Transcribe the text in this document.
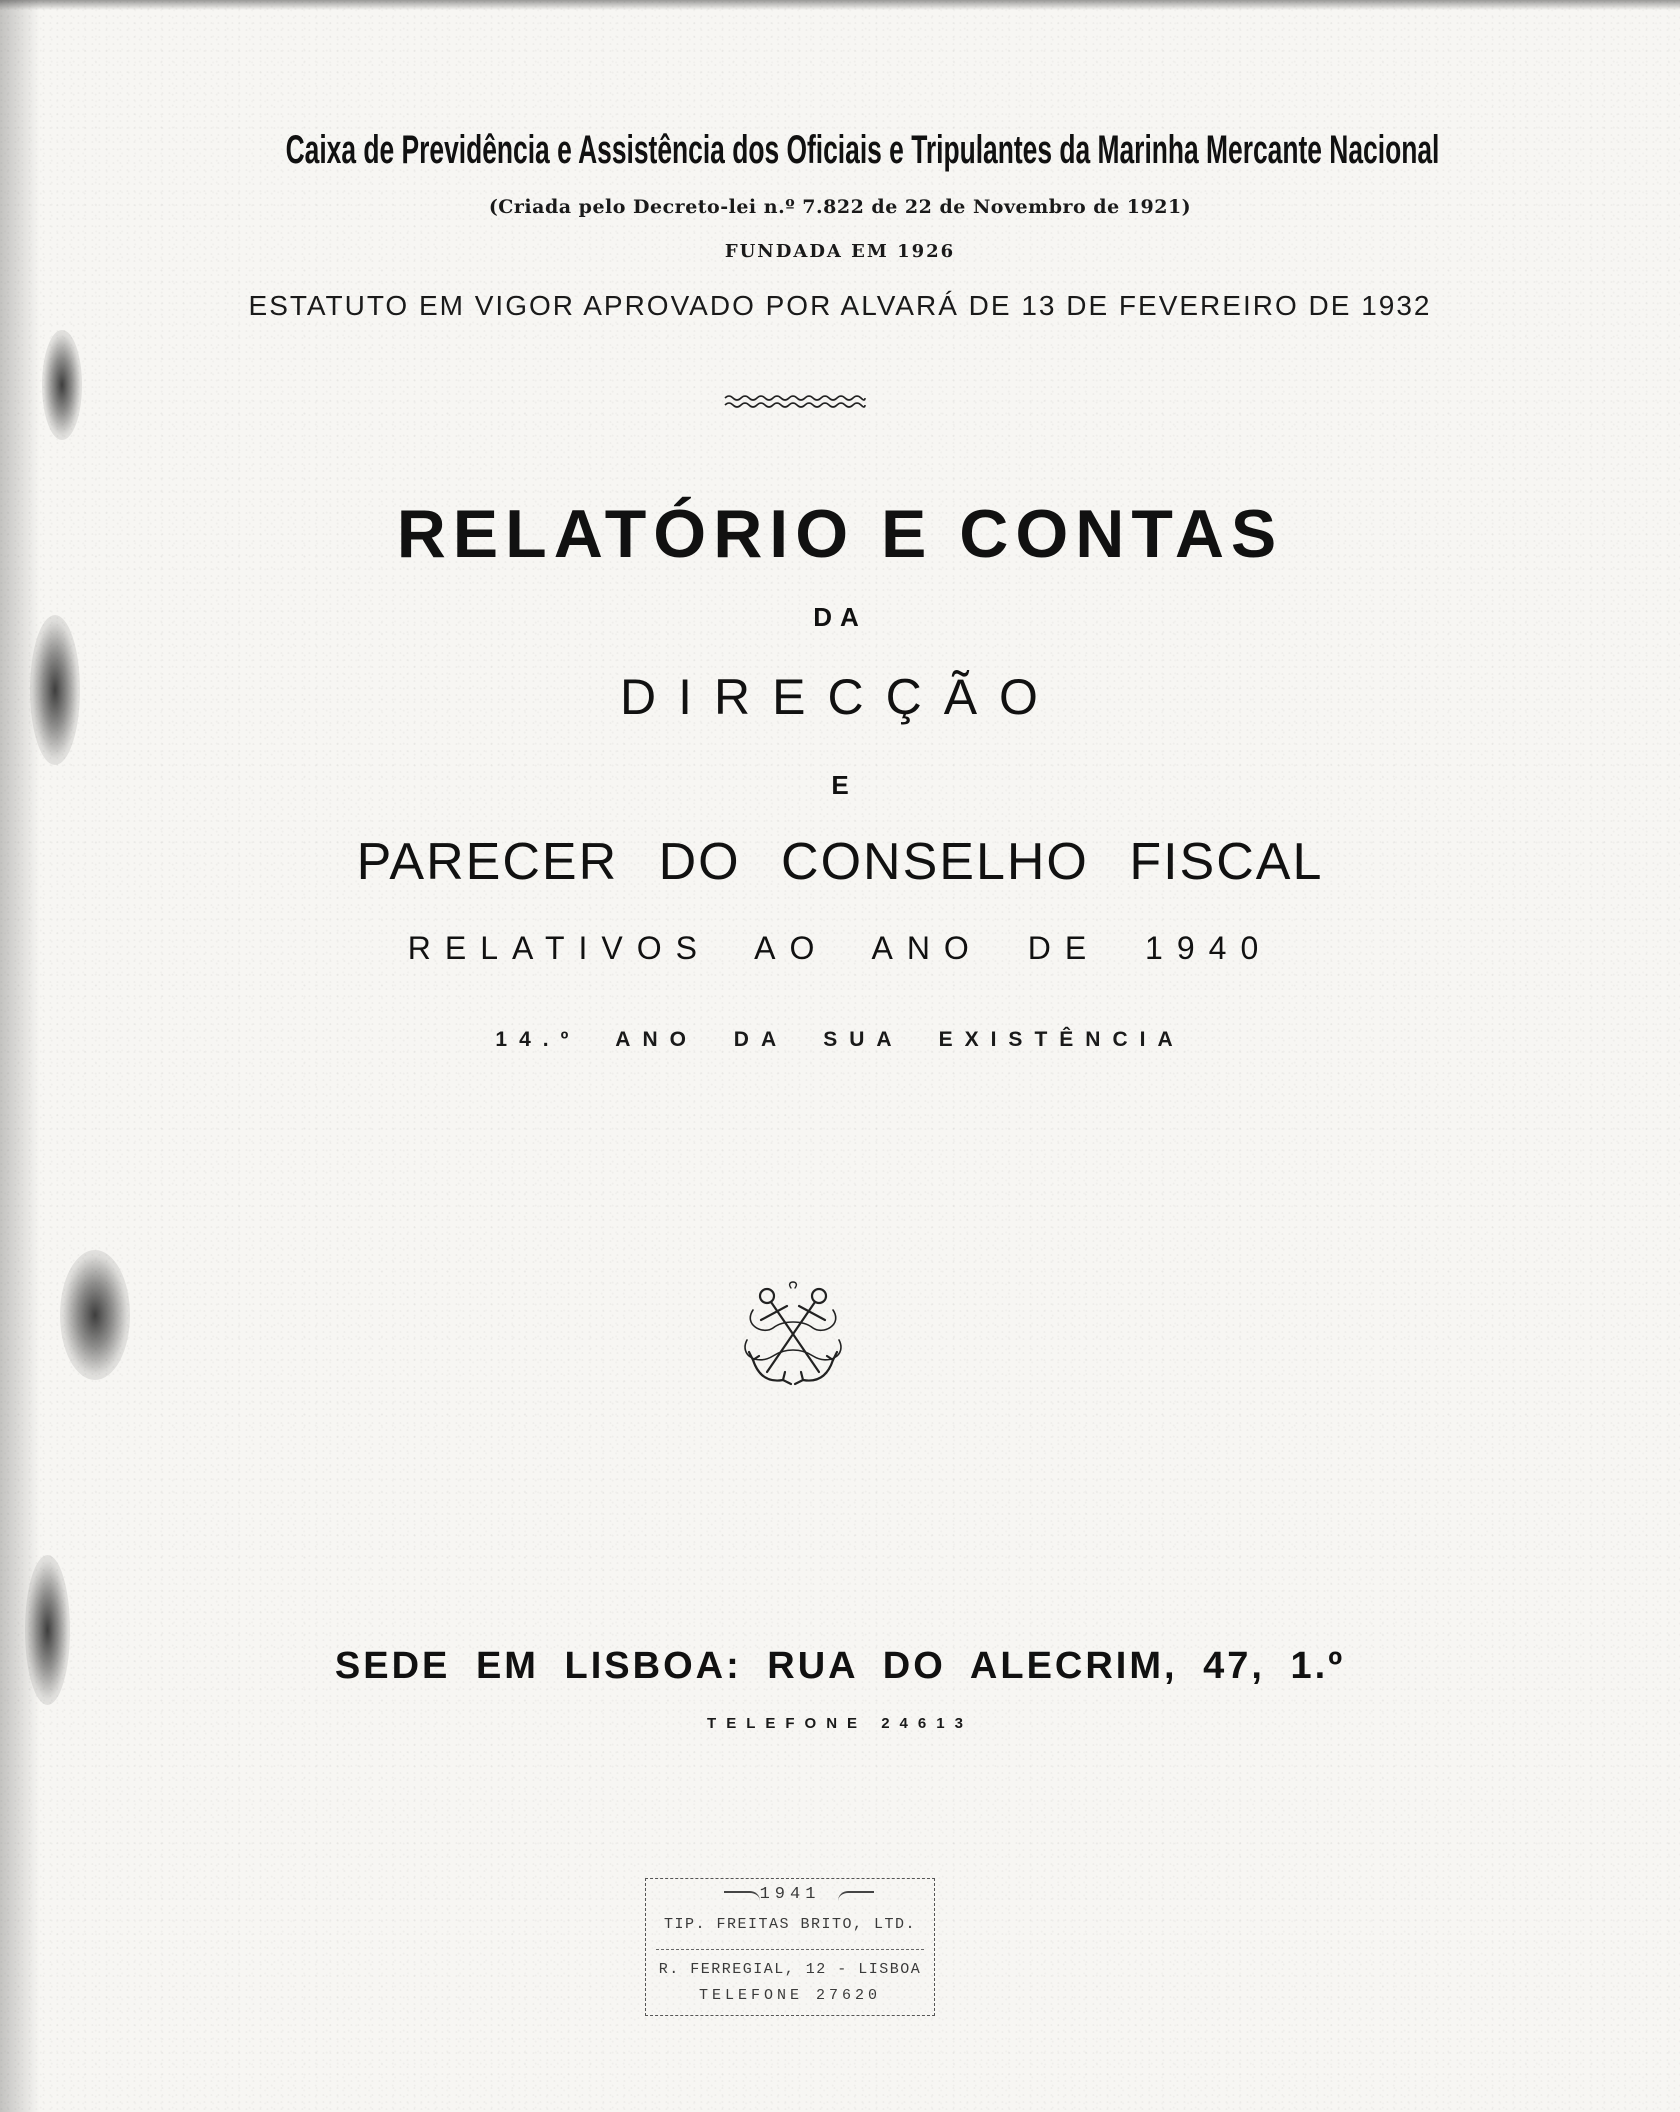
Caixa de Previdência e Assistência dos Oficiais e Tripulantes da Marinha Mercante Nacional
(Criada pelo Decreto-lei n.º 7.822 de 22 de Novembro de 1921)
FUNDADA EM 1926
ESTATUTO EM VIGOR APROVADO POR ALVARÁ DE 13 DE FEVEREIRO DE 1932
RELATÓRIO E CONTAS
DA
DIRECÇÃO
E
PARECER DO CONSELHO FISCAL
RELATIVOS AO ANO DE 1940
14.º ANO DA SUA EXISTÊNCIA
SEDE EM LISBOA: RUA DO ALECRIM, 47, 1.º
TELEFONE 24613
1941
TIP. FREITAS BRITO, LTD.
R. FERREGIAL, 12 - LISBOA
TELEFONE 27620
